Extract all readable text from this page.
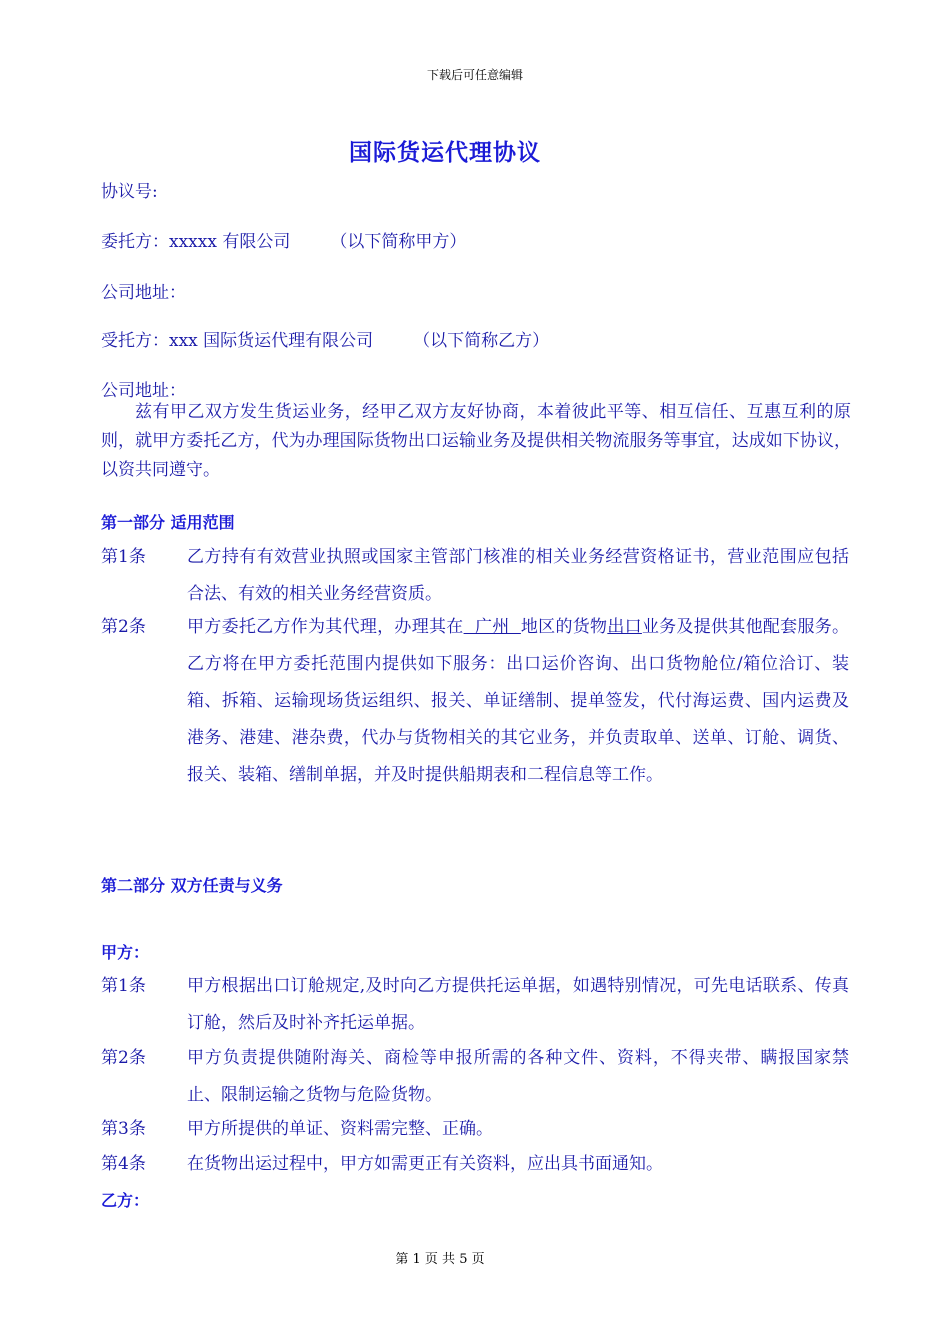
下载后可任意编辑
国际货运代理协议
协议号:
委托方：xxxxx 有限公司 （以下简称甲方）
公司地址：
受托方：xxx 国际货运代理有限公司 （以下简称乙方）
公司地址：
兹有甲乙双方发生货运业务，经甲乙双方友好协商，本着彼此平等、相互信任、互惠互利的原则，就甲方委托乙方，代为办理国际货物出口运输业务及提供相关物流服务等事宜，达成如下协议，以资共同遵守。
第一部分 适用范围
第1条 乙方持有有效营业执照或国家主管部门核准的相关业务经营资格证书，营业范围应包括合法、有效的相关业务经营资质。
第2条 甲方委托乙方作为其代理，办理其在  广州  地区的货物出口业务及提供其他配套服务。乙方将在甲方委托范围内提供如下服务：出口运价咨询、出口货物舱位/箱位洽订、装箱、拆箱、运输现场货运组织、报关、单证缮制、提单签发，代付海运费、国内运费及港务、港建、港杂费，代办与货物相关的其它业务，并负责取单、送单、订舱、调货、报关、装箱、缮制单据，并及时提供船期表和二程信息等工作。
第二部分 双方任责与义务
甲方：
第1条 甲方根据出口订舱规定,及时向乙方提供托运单据，如遇特别情况，可先电话联系、传真订舱，然后及时补齐托运单据。
第2条 甲方负责提供随附海关、商检等申报所需的各种文件、资料，不得夹带、瞒报国家禁止、限制运输之货物与危险货物。
第3条 甲方所提供的单证、资料需完整、正确。
第4条 在货物出运过程中，甲方如需更正有关资料，应出具书面通知。
乙方：
第 1 页 共 5 页
